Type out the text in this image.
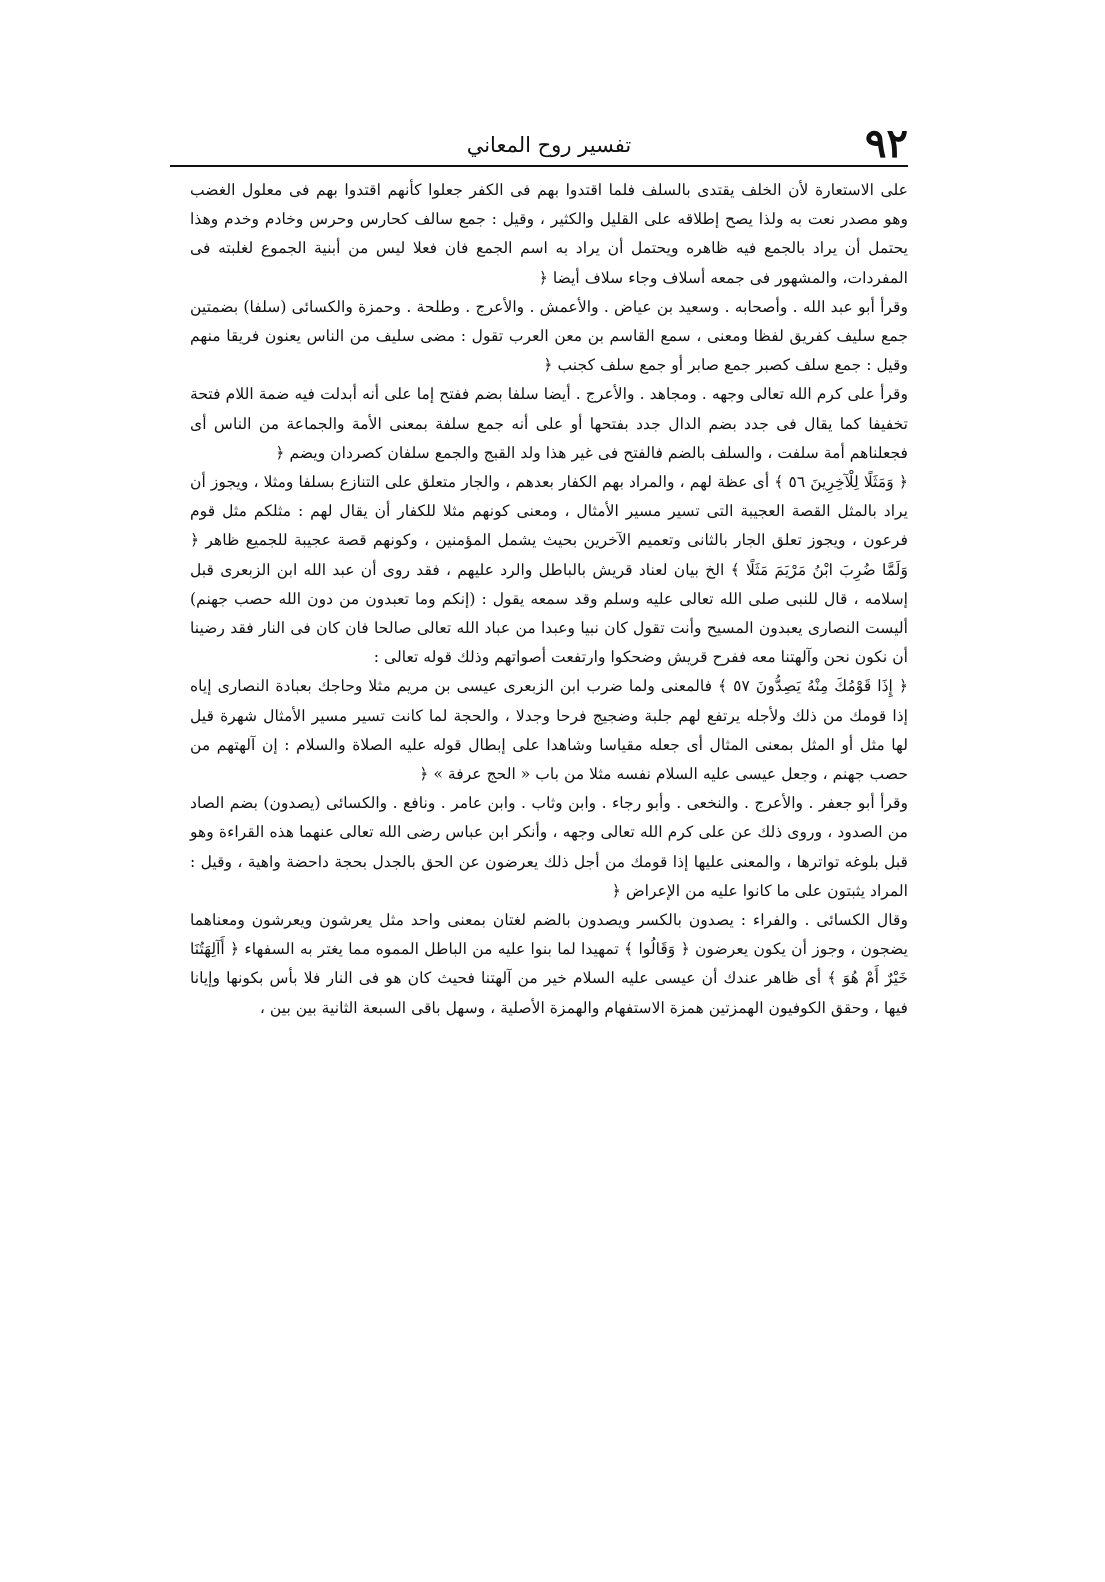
٩٢
تفسير روح المعاني

على الاستعارة لأن الخلف يقتدى بالسلف فلما اقتدوا بهم فى الكفر جعلوا كأنهم اقتدوا بهم فى معلول الغضب وهو مصدر نعت به ولذا يصح إطلاقه على القليل والكثير ، وقيل : جمع سالف كحارس وحرس وخادم وخدم وهذا يحتمل أن يراد بالجمع فيه ظاهره ويحتمل أن يراد به اسم الجمع فان فعلا ليس من أبنية الجموع لغلبته فى المفردات، والمشهور فى جمعه أسلاف وجاء سلاف أيضا ﴿

وقرأ أبو عبد الله . وأصحابه . وسعيد بن عياض . والأعمش . والأعرج . وطلحة . وحمزة والكسائى (سلفا) بضمتين جمع سليف كفريق لفظا ومعنى ، سمع القاسم بن معن العرب تقول : مضى سليف من الناس يعنون فريقا منهم وقيل : جمع سلف كصبر جمع صابر أو جمع سلف كجنب ﴿

وقرأ على كرم الله تعالى وجهه . ومجاهد . والأعرج . أيضا سلفا بضم ففتح إما على أنه أبدلت فيه ضمة اللام فتحة تخفيفا كما يقال فى جدد بضم الدال جدد بفتحها أو على أنه جمع سلفة بمعنى الأمة والجماعة من الناس أى فجعلناهم أمة سلفت ، والسلف بالضم فالفتح فى غير هذا ولد القبج والجمع سلفان كصردان ويضم ﴿

﴿ وَمَثَلًا لِلْآخِرِينَ ٥٦ ﴾ أى عظة لهم ، والمراد بهم الكفار بعدهم ، والجار متعلق على التنازع بسلفا ومثلا ، ويجوز أن يراد بالمثل القصة العجيبة التى تسير مسير الأمثال ، ومعنى كونهم مثلا للكفار أن يقال لهم : مثلكم مثل قوم فرعون ، ويجوز تعلق الجار بالثانى وتعميم الآخرين بحيث يشمل المؤمنين ، وكونهم قصة عجيبة للجميع ظاهر ﴿ وَلَمَّا ضُرِبَ ابْنُ مَرْيَمَ مَثَلًا ﴾ الخ بيان لعناد قريش بالباطل والرد عليهم ، فقد روى أن عبد الله ابن الزبعرى قبل إسلامه ، قال للنبى صلى الله تعالى عليه وسلم وقد سمعه يقول : (إنكم وما تعبدون من دون الله حصب جهنم) أليست النصارى يعبدون المسيح وأنت تقول كان نبيا وعبدا من عباد الله تعالى صالحا فان كان فى النار فقد رضينا أن نكون نحن وآلهتنا معه ففرح قريش وضحكوا وارتفعت أصواتهم وذلك قوله تعالى :

﴿ إِذَا قَوْمُكَ مِنْهُ يَصِدُّونَ ٥٧ ﴾ فالمعنى ولما ضرب ابن الزبعرى عيسى بن مريم مثلا وحاجك بعبادة النصارى إياه إذا قومك من ذلك ولأجله يرتفع لهم جلبة وضجيج فرحا وجدلا ، والحجة لما كانت تسير مسير الأمثال شهرة قيل لها مثل أو المثل بمعنى المثال أى جعله مقياسا وشاهدا على إبطال قوله عليه الصلاة والسلام : إن آلهتهم من حصب جهنم ، وجعل عيسى عليه السلام نفسه مثلا من باب « الحج عرفة » ﴿

وقرأ أبو جعفر . والأعرج . والنخعى . وأبو رجاء . وابن وثاب . وابن عامر . ونافع . والكسائى (يصدون) بضم الصاد من الصدود ، وروى ذلك عن على كرم الله تعالى وجهه ، وأنكر ابن عباس رضى الله تعالى عنهما هذه القراءة وهو قبل بلوغه تواترها ، والمعنى عليها إذا قومك من أجل ذلك يعرضون عن الحق بالجدل بحجة داحضة واهية ، وقيل : المراد يثبتون على ما كانوا عليه من الإعراض ﴿

وقال الكسائى . والفراء : يصدون بالكسر ويصدون بالضم لغتان بمعنى واحد مثل يعرشون ويعرشون ومعناهما يضجون ، وجوز أن يكون يعرضون ﴿ وَقَالُوا ﴾ تمهيدا لما بنوا عليه من الباطل المموه مما يغتر به السفهاء ﴿ أَآلِهَتُنَا خَيْرٌ أَمْ هُوَ ﴾ أى ظاهر عندك أن عيسى عليه السلام خير من آلهتنا فحيث كان هو فى النار فلا بأس بكونها وإيانا فيها ، وحقق الكوفيون الهمزتين همزة الاستفهام والهمزة الأصلية ، وسهل باقى السبعة الثانية بين بين ،
